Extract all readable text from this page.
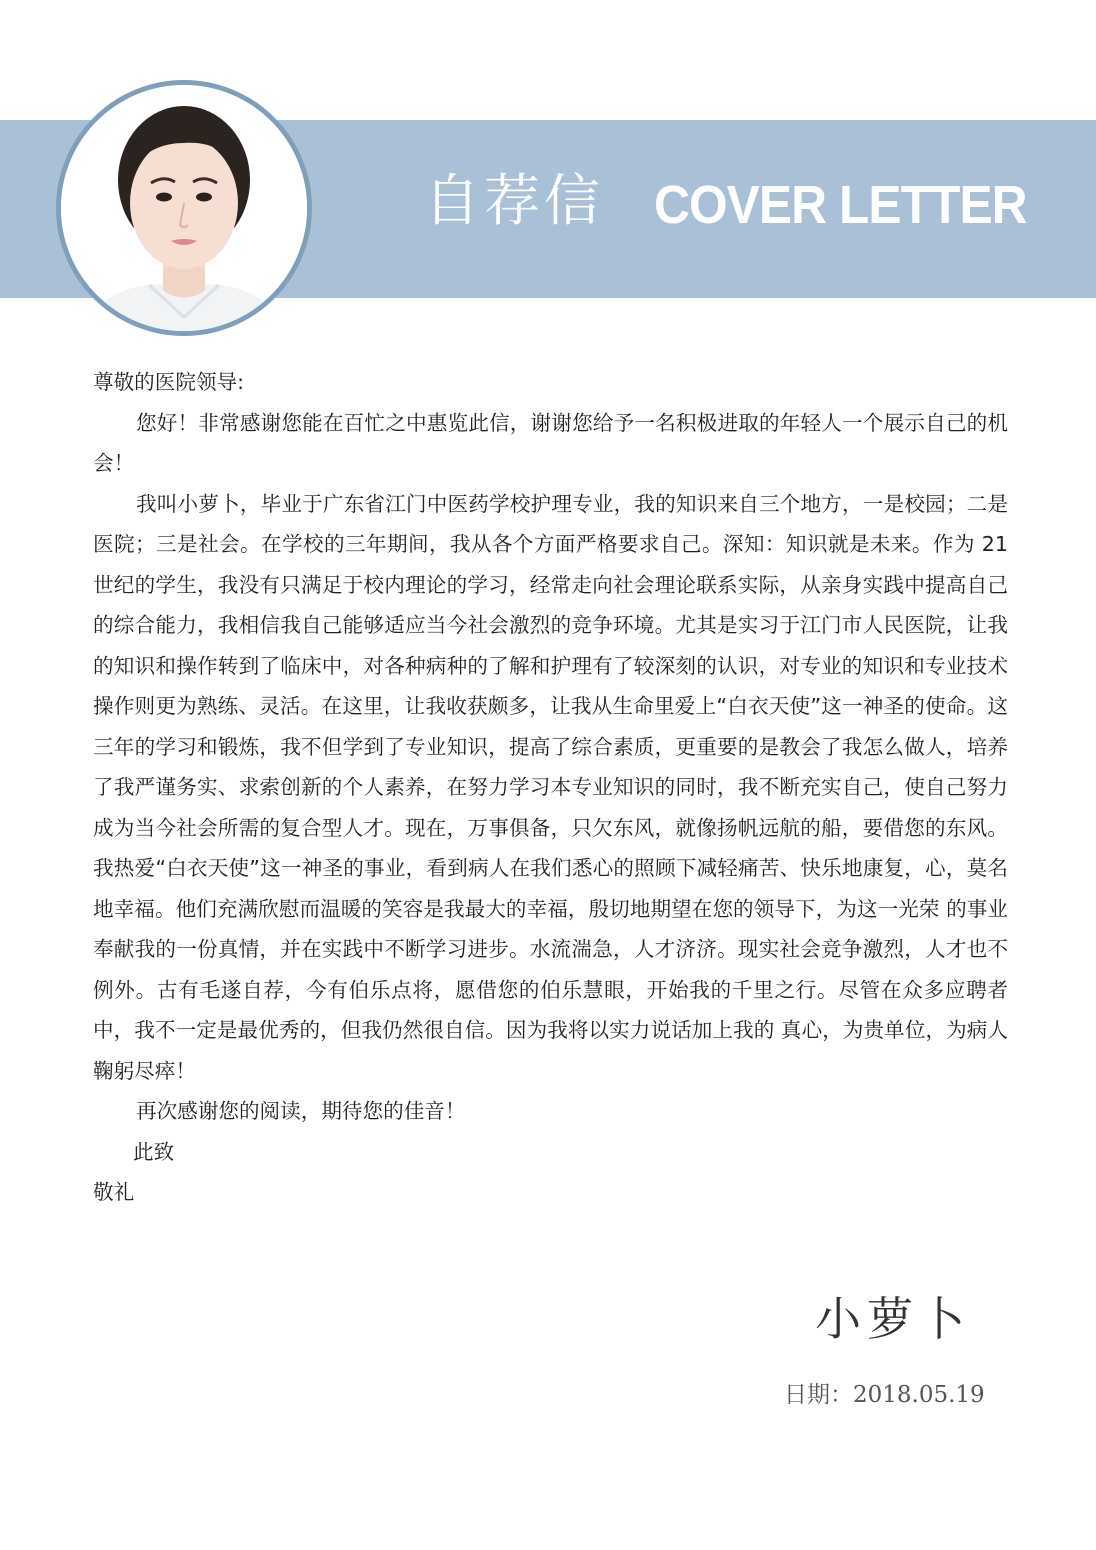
自荐信 COVER LETTER

尊敬的医院领导:

您好！非常感谢您能在百忙之中惠览此信，谢谢您给予一名积极进取的年轻人一个展示自己的机会！

我叫小萝卜，毕业于广东省江门中医药学校护理专业，我的知识来自三个地方，一是校园；二是医院；三是社会。在学校的三年期间，我从各个方面严格要求自己。深知：知识就是未来。作为 21 世纪的学生，我没有只满足于校内理论的学习，经常走向社会理论联系实际，从亲身实践中提高自己的综合能力，我相信我自己能够适应当今社会激烈的竞争环境。尤其是实习于江门市人民医院，让我的知识和操作转到了临床中，对各种病种的了解和护理有了较深刻的认识，对专业的知识和专业技术操作则更为熟练、灵活。在这里，让我收获颇多，让我从生命里爱上“白衣天使”这一神圣的使命。这三年的学习和锻炼，我不但学到了专业知识，提高了综合素质，更重要的是教会了我怎么做人，培养了我严谨务实、求索创新的个人素养，在努力学习本专业知识的同时，我不断充实自己，使自己努力成为当今社会所需的复合型人才。现在，万事俱备，只欠东风，就像扬帆远航的船，要借您的东风。我热爱“白衣天使”这一神圣的事业，看到病人在我们悉心的照顾下减轻痛苦、快乐地康复，心，莫名地幸福。他们充满欣慰而温暖的笑容是我最大的幸福，殷切地期望在您的领导下，为这一光荣 的事业奉献我的一份真情，并在实践中不断学习进步。水流湍急，人才济济。现实社会竞争激烈，人才也不例外。古有毛遂自荐，今有伯乐点将，愿借您的伯乐慧眼，开始我的千里之行。尽管在众多应聘者中，我不一定是最优秀的，但我仍然很自信。因为我将以实力说话加上我的 真心，为贵单位，为病人鞠躬尽瘁！

再次感谢您的阅读，期待您的佳音！

此致

敬礼

小萝卜
日期：2018.05.19
